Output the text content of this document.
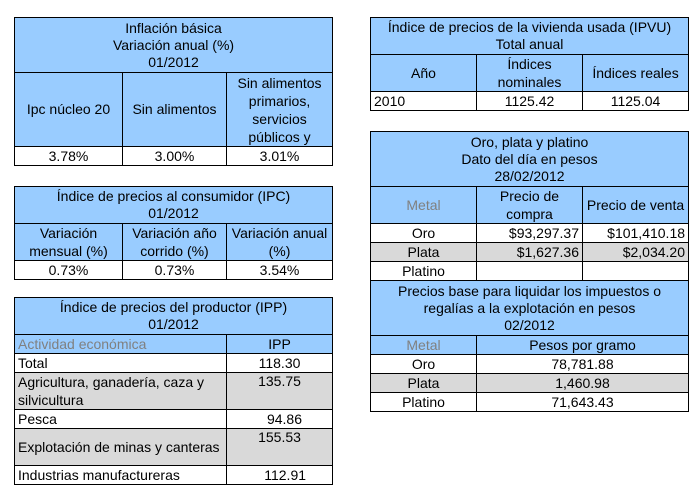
Inflación básica
Variación anual (%)
01/2012		

Ipc núcleo 20	Sin alimentos	Sin alimentos primarios, servicios públicos y
3.78%	3.00%	3.01%
Índice de precios al consumidor (IPC)
01/2012		

Variación mensual (%)	Variación año corrido (%)	Variación anual (%)
0.73%	0.73%	3.54%
Índice de precios del productor (IPP)
01/2012	

Actividad económica	IPP
Total	118.30
Agricultura, ganadería, caza y silvicultura	135.75
Pesca	94.86
Explotación de minas y canteras	155.53
Industrias manufactureras	112.91
Índice de precios de la vivienda usada (IPVU)
Total anual		

Año	Índices nominales	Índices reales
2010	1125.42	1125.04
Oro, plata y platino
Dato del día en pesos
28/02/2012		

Metal	Precio de compra	Precio de venta
Oro	$93,297.37	$101,410.18
Plata	$1,627.36	$2,034.20
Platino		
Precios base para liquidar los impuestos o
regalías a la explotación en pesos
02/2012	

Metal	Pesos por gramo
Oro	78,781.88
Plata	1,460.98
Platino	71,643.43
